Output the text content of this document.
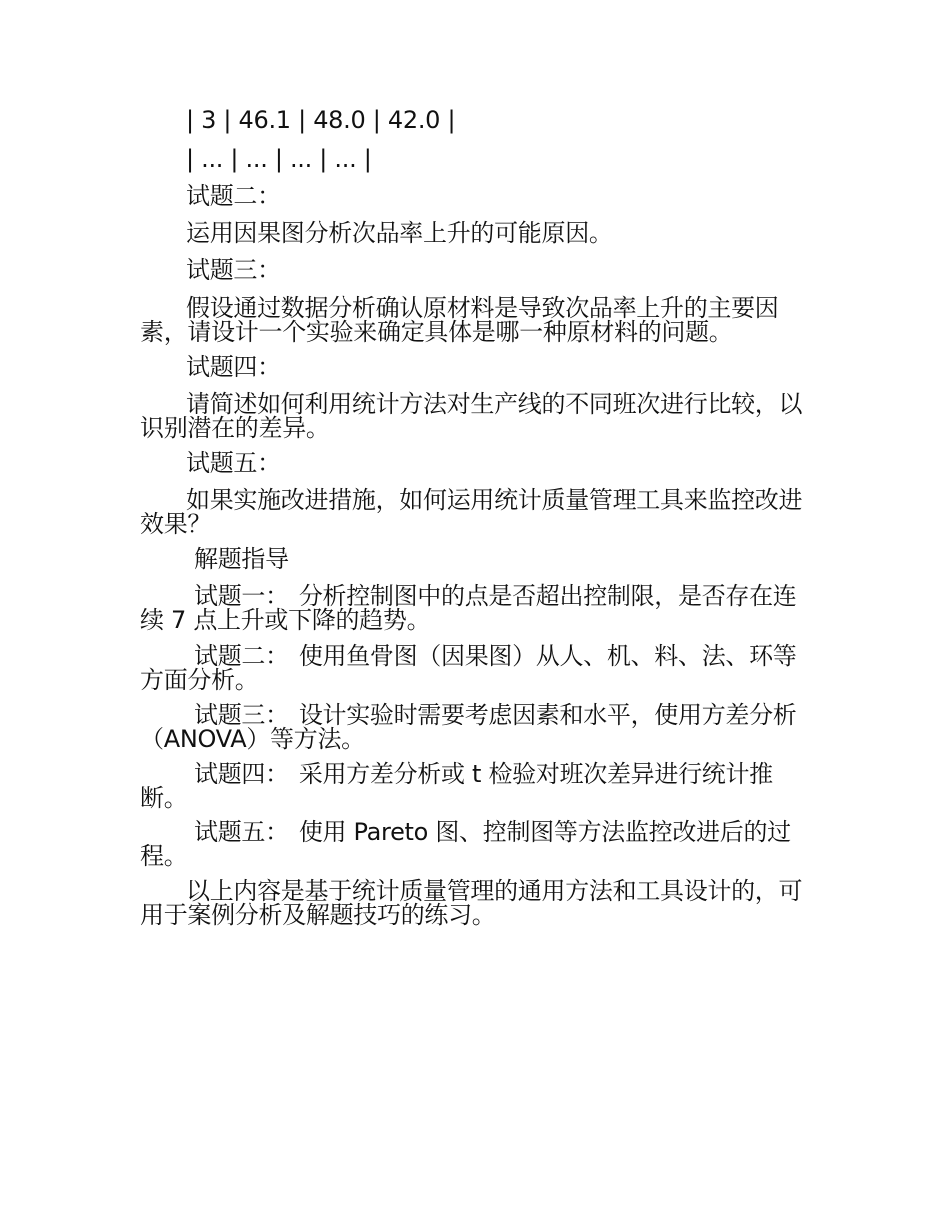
| 3 | 46.1 | 48.0 | 42.0 |
| ... | ... | ... | ... |
试题二：
运用因果图分析次品率上升的可能原因。
试题三：
假设通过数据分析确认原材料是导致次品率上升的主要因素，请设计一个实验来确定具体是哪一种原材料的问题。
试题四：
请简述如何利用统计方法对生产线的不同班次进行比较，以识别潜在的差异。
试题五：
如果实施改进措施，如何运用统计质量管理工具来监控改进效果？
解题指导
试题一： 分析控制图中的点是否超出控制限，是否存在连续 7 点上升或下降的趋势。
试题二： 使用鱼骨图（因果图）从人、机、料、法、环等方面分析。
试题三： 设计实验时需要考虑因素和水平，使用方差分析（ANOVA）等方法。
试题四： 采用方差分析或 t 检验对班次差异进行统计推断。
试题五： 使用 Pareto 图、控制图等方法监控改进后的过程。
以上内容是基于统计质量管理的通用方法和工具设计的，可用于案例分析及解题技巧的练习。
